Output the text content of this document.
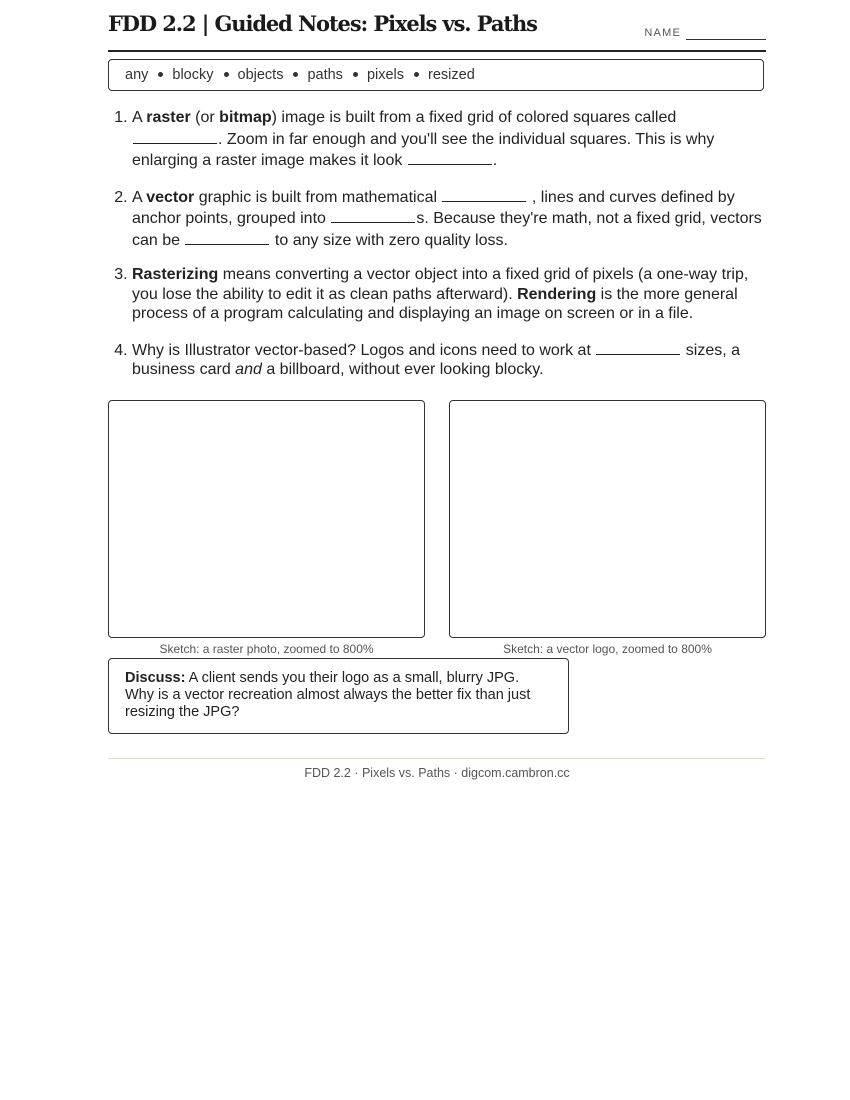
FDD 2.2 | Guided Notes: Pixels vs. Paths	NAME
any blocky objects paths pixels resized
1. A raster (or bitmap) image is built from a fixed grid of colored squares called . Zoom in far enough and you'll see the individual squares. This is why enlarging a raster image makes it look	.
2. A vector graphic is built from mathematical	, lines and curves defined by anchor points, grouped into	s. Because they're math, not a fixed grid, vectors can be	to any size with zero quality loss.
3. Rasterizing means converting a vector object into a fixed grid of pixels (a one-way trip, you lose the ability to edit it as clean paths afterward). Rendering is the more general process of a program calculating and displaying an image on screen or in a file.
4. Why is Illustrator vector-based? Logos and icons need to work at	sizes, a business card and a billboard, without ever looking blocky.
Sketch: a raster photo, zoomed to 800%	Sketch: a vector logo, zoomed to 800%
Discuss: A client sends you their logo as a small, blurry JPG. Why is a vector recreation almost always the better fix than just resizing the JPG?
FDD 2.2 · Pixels vs. Paths · digcom.cambron.cc
